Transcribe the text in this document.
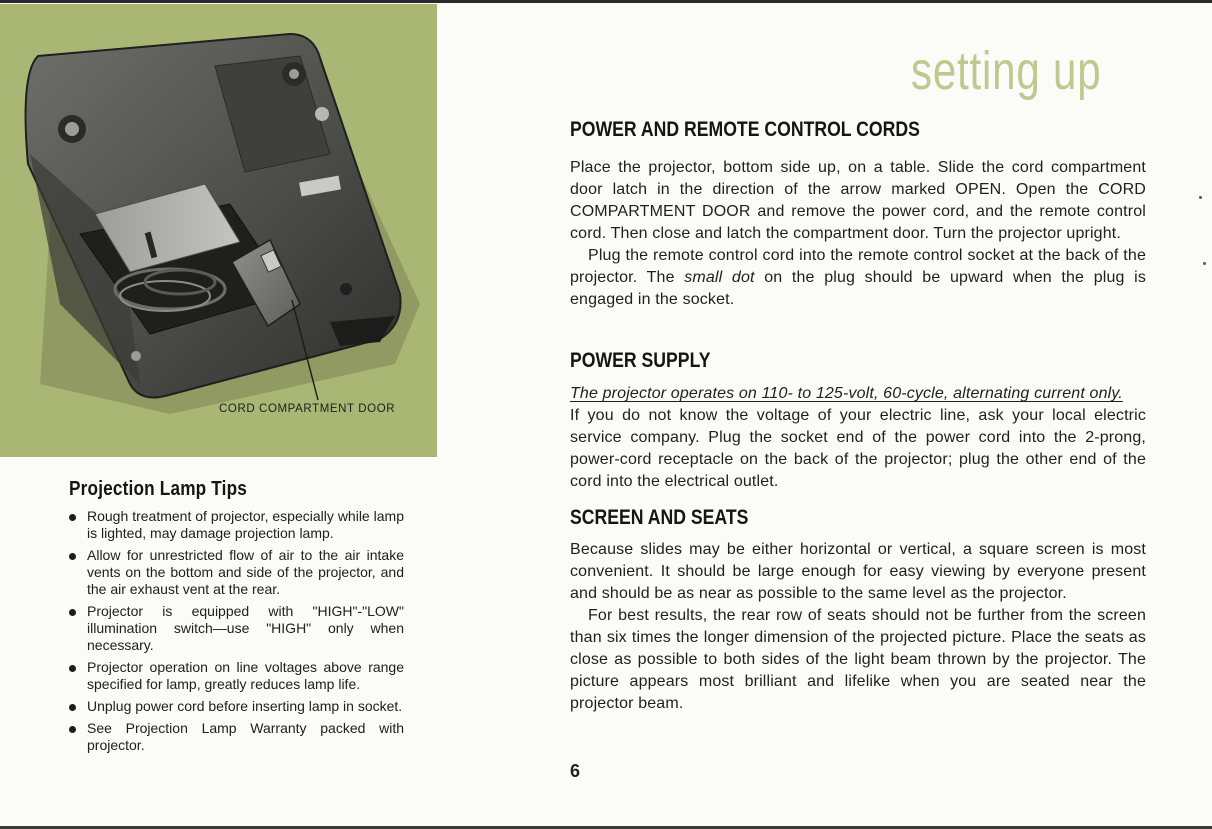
CORD COMPARTMENT DOOR
Projection Lamp Tips
Rough treatment of projector, especially while lamp is lighted, may damage projection lamp.
Allow for unrestricted flow of air to the air intake vents on the bottom and side of the projector, and the air exhaust vent at the rear.
Projector is equipped with "HIGH"-"LOW" illumination switch—use "HIGH" only when necessary.
Projector operation on line voltages above range specified for lamp, greatly reduces lamp life.
Unplug power cord before inserting lamp in socket.
See Projection Lamp Warranty packed with projector.
setting up
POWER AND REMOTE CONTROL CORDS

Place the projector, bottom side up, on a table. Slide the cord compartment door latch in the direction of the arrow marked OPEN. Open the CORD COMPARTMENT DOOR and remove the power cord, and the remote control cord. Then close and latch the compartment door. Turn the projector upright.

Plug the remote control cord into the remote control socket at the back of the projector. The small dot on the plug should be upward when the plug is engaged in the socket.

POWER SUPPLY

The projector operates on 110- to 125-volt, 60-cycle, alternating current only.

If you do not know the voltage of your electric line, ask your local electric service company. Plug the socket end of the power cord into the 2-prong, power-cord receptacle on the back of the projector; plug the other end of the cord into the electrical outlet.

SCREEN AND SEATS

Because slides may be either horizontal or vertical, a square screen is most convenient. It should be large enough for easy viewing by everyone present and should be as near as possible to the same level as the projector.

For best results, the rear row of seats should not be further from the screen than six times the longer dimension of the projected picture. Place the seats as close as possible to both sides of the light beam thrown by the projector. The picture appears most brilliant and lifelike when you are seated near the projector beam.

6
